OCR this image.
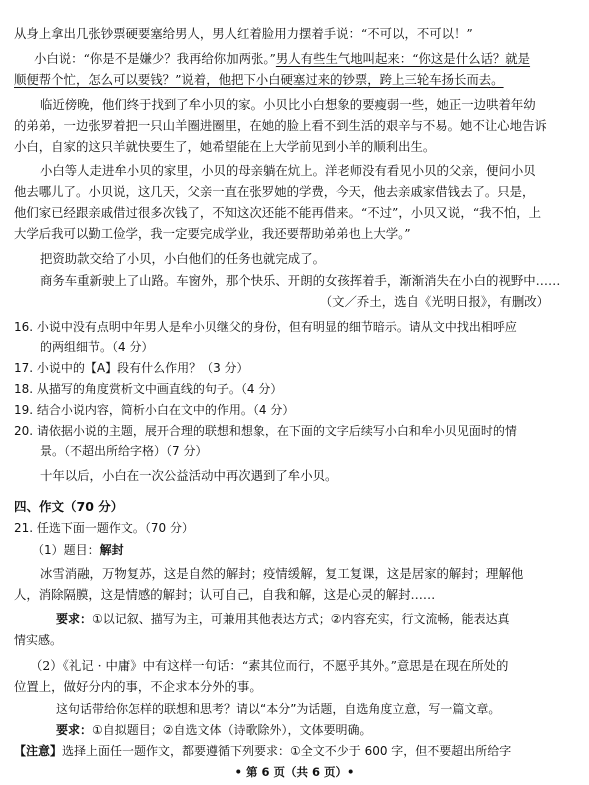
从身上拿出几张钞票硬要塞给男人，男人红着脸用力摆着手说：“不可以，不可以！”
小白说：“你是不是嫌少？我再给你加两张。”男人有些生气地叫起来：“你这是什么话？就是
顺便帮个忙，怎么可以要钱？”说着，他把下小白硬塞过来的钞票，跨上三轮车扬长而去。
临近傍晚，他们终于找到了牟小贝的家。小贝比小白想象的要瘦弱一些，她正一边哄着年幼
的弟弟，一边张罗着把一只山羊圈进圈里，在她的脸上看不到生活的艰辛与不易。她不让心地告诉
小白，自家的这只羊就快要生了，她希望能在上大学前见到小羊的顺利出生。
小白等人走进牟小贝的家里，小贝的母亲躺在炕上。洋老师没有看见小贝的父亲，便问小贝
他去哪儿了。小贝说，这几天，父亲一直在张罗她的学费，今天，他去亲戚家借钱去了。只是，
他们家已经跟亲戚借过很多次钱了，不知这次还能不能再借来。“不过”，小贝又说，“我不怕，上
大学后我可以勤工俭学，我一定要完成学业，我还要帮助弟弟也上大学。”
把资助款交给了小贝，小白他们的任务也就完成了。
商务车重新驶上了山路。车窗外，那个快乐、开朗的女孩挥着手，渐渐消失在小白的视野中……
（文／乔土，选自《光明日报》，有删改）
16. 小说中没有点明中年男人是牟小贝继父的身份，但有明显的细节暗示。请从文中找出相呼应
的两组细节。（4 分）
17. 小说中的【A】段有什么作用？（3 分）
18. 从描写的角度赏析文中画直线的句子。（4 分）
19. 结合小说内容，简析小白在文中的作用。（4 分）
20. 请依据小说的主题，展开合理的联想和想象，在下面的文字后续写小白和牟小贝见面时的情
景。（不超出所给字格）（7 分）
十年以后，小白在一次公益活动中再次遇到了牟小贝。
四、作文（70 分）
21. 任选下面一题作文。（70 分）
（1）题目：解封
冰雪消融，万物复苏，这是自然的解封；疫情缓解，复工复课，这是居家的解封；理解他
人，消除隔膜，这是情感的解封；认可自己，自我和解，这是心灵的解封……
要求：①以记叙、描写为主，可兼用其他表达方式；②内容充实，行文流畅，能表达真
情实感。
（2）《礼记 · 中庸》中有这样一句话：“素其位而行，不愿乎其外。”意思是在现在所处的
位置上，做好分内的事，不企求本分外的事。
这句话带给你怎样的联想和思考？请以“本分”为话题，自选角度立意，写一篇文章。
要求：①自拟题目；②自选文体（诗歌除外），文体要明确。
【注意】选择上面任一题作文，都要遵循下列要求：①全文不少于 600 字，但不要超出所给字
• 第 6 页（共 6 页）•
